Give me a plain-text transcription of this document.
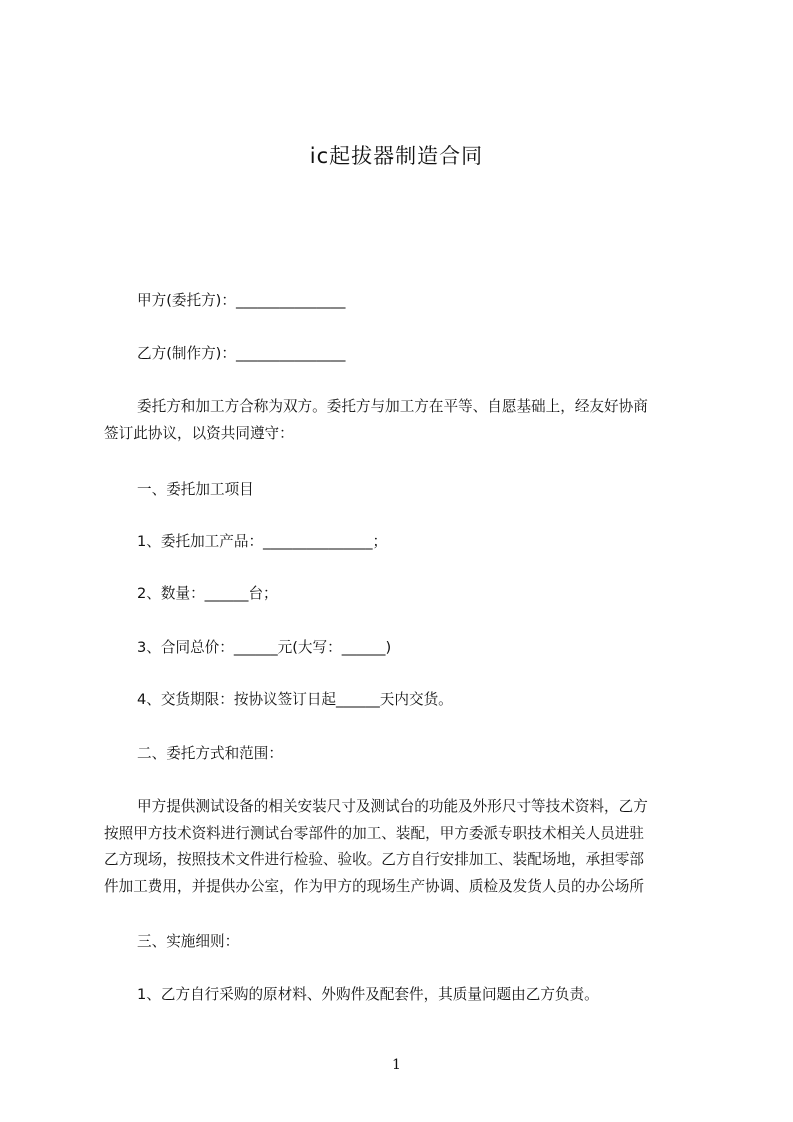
ic起拔器制造合同
甲方(委托方)：_______________
乙方(制作方)：_______________
委托方和加工方合称为双方。委托方与加工方在平等、自愿基础上，经友好协商
签订此协议，以资共同遵守：
一、委托加工项目
1、委托加工产品：_______________；
2、数量：______台；
3、合同总价：______元(大写：______)
4、交货期限：按协议签订日起______天内交货。
二、委托方式和范围：
甲方提供测试设备的相关安装尺寸及测试台的功能及外形尺寸等技术资料，乙方
按照甲方技术资料进行测试台零部件的加工、装配，甲方委派专职技术相关人员进驻
乙方现场，按照技术文件进行检验、验收。乙方自行安排加工、装配场地，承担零部
件加工费用，并提供办公室，作为甲方的现场生产协调、质检及发货人员的办公场所
三、实施细则：
1、乙方自行采购的原材料、外购件及配套件，其质量问题由乙方负责。
1
